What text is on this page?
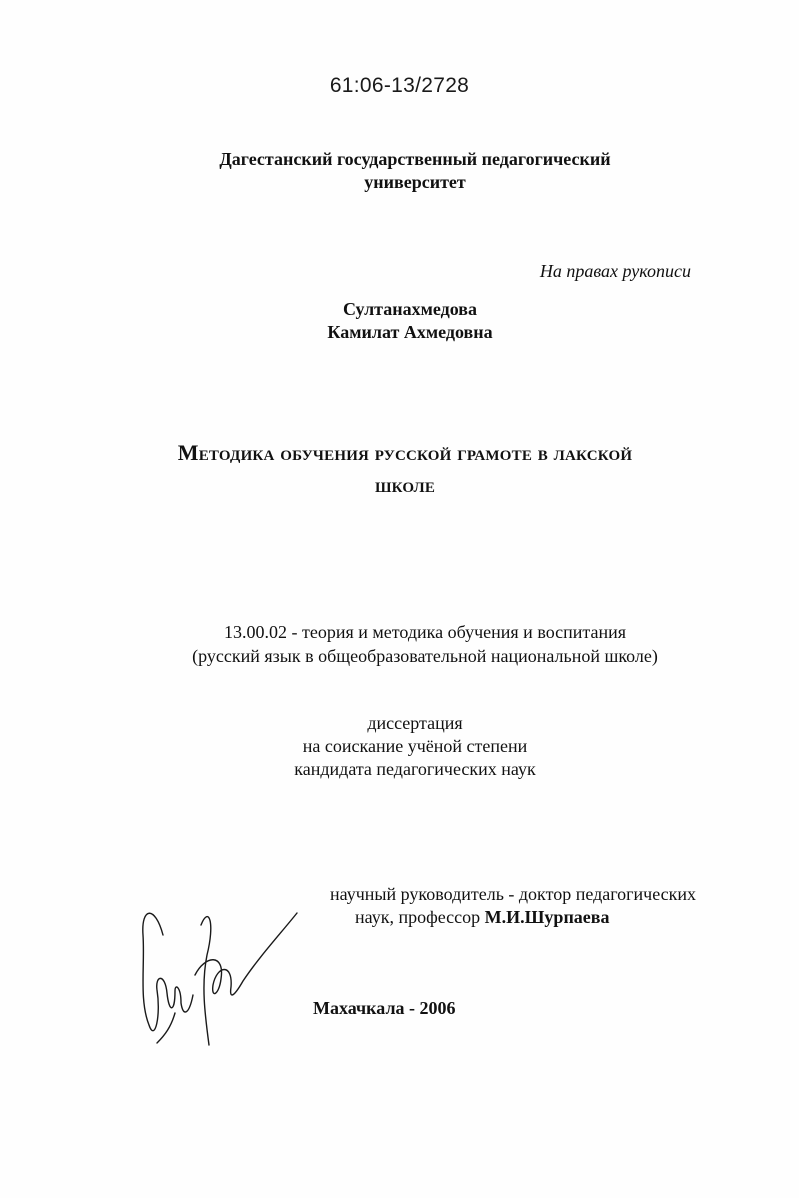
61:06-13/2728
Дагестанский государственный педагогический
университет
На правах рукописи
Султанахмедова
Камилат Ахмедовна
Методика обучения русской грамоте в лакской
школе
13.00.02 - теория и методика обучения и воспитания
(русский язык в общеобразовательной национальной школе)
диссертация
на соискание учёной степени
кандидата педагогических наук
научный руководитель - доктор педагогических
наук, профессор М.И.Шурпаева
Махачкала - 2006
